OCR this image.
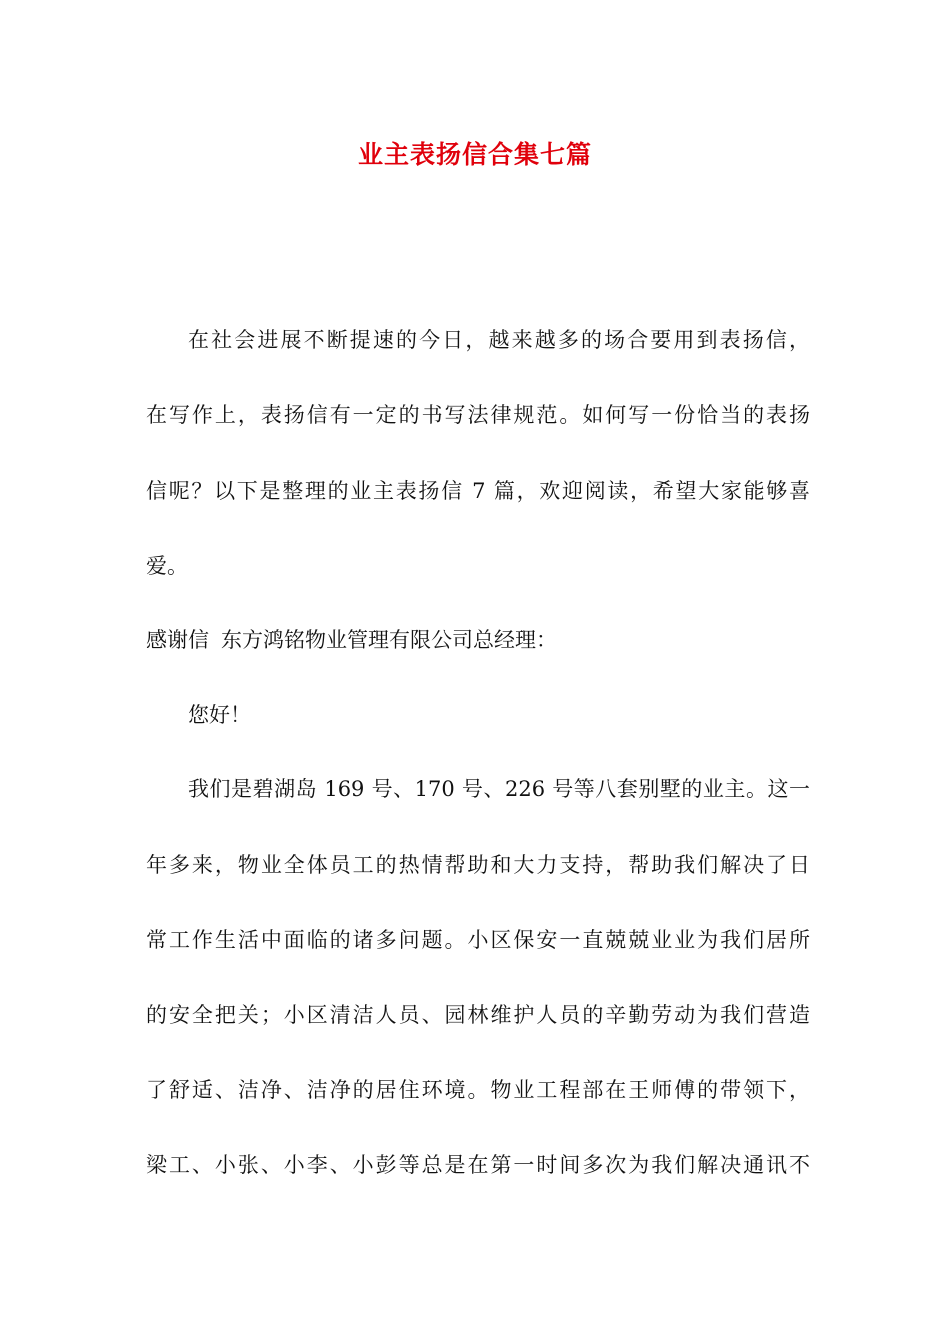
业主表扬信合集七篇
在社会进展不断提速的今日，越来越多的场合要用到表扬信，
在写作上，表扬信有一定的书写法律规范。如何写一份恰当的表扬
信呢？以下是整理的业主表扬信 7 篇，欢迎阅读，希望大家能够喜
爱。
感谢信 东方鸿铭物业管理有限公司总经理：
您好！
我们是碧湖岛 169 号、170 号、226 号等八套别墅的业主。这一
年多来，物业全体员工的热情帮助和大力支持，帮助我们解决了日
常工作生活中面临的诸多问题。小区保安一直兢兢业业为我们居所
的安全把关；小区清洁人员、园林维护人员的辛勤劳动为我们营造
了舒适、洁净、洁净的居住环境。物业工程部在王师傅的带领下，
梁工、小张、小李、小彭等总是在第一时间多次为我们解决通讯不
